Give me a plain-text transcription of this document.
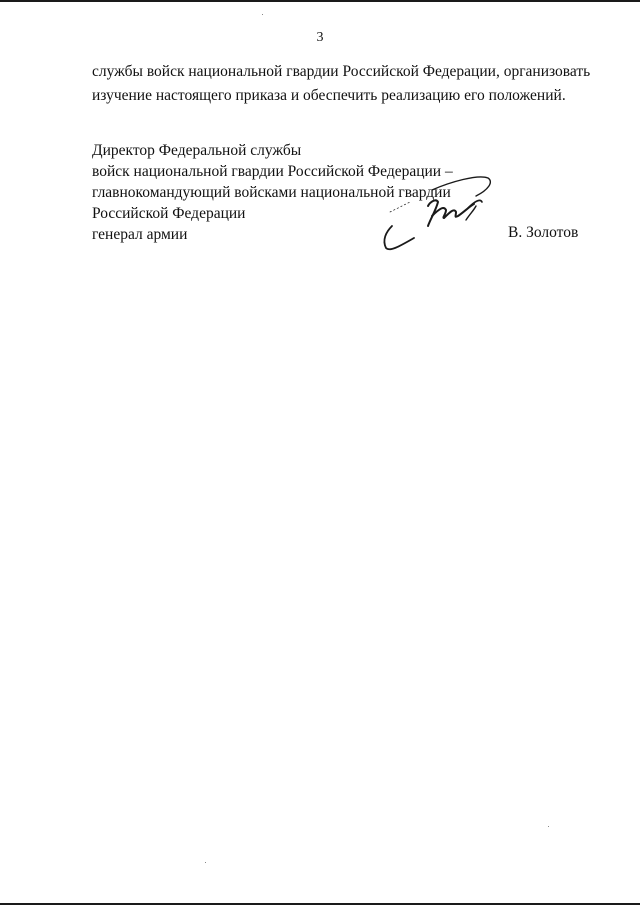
3
службы войск национальной гвардии Российской Федерации, организовать
изучение настоящего приказа и обеспечить реализацию его положений.
Директор Федеральной службы
войск национальной гвардии Российской Федерации –
главнокомандующий войсками национальной гвардии
Российской Федерации
генерал армии	В. Золотов
